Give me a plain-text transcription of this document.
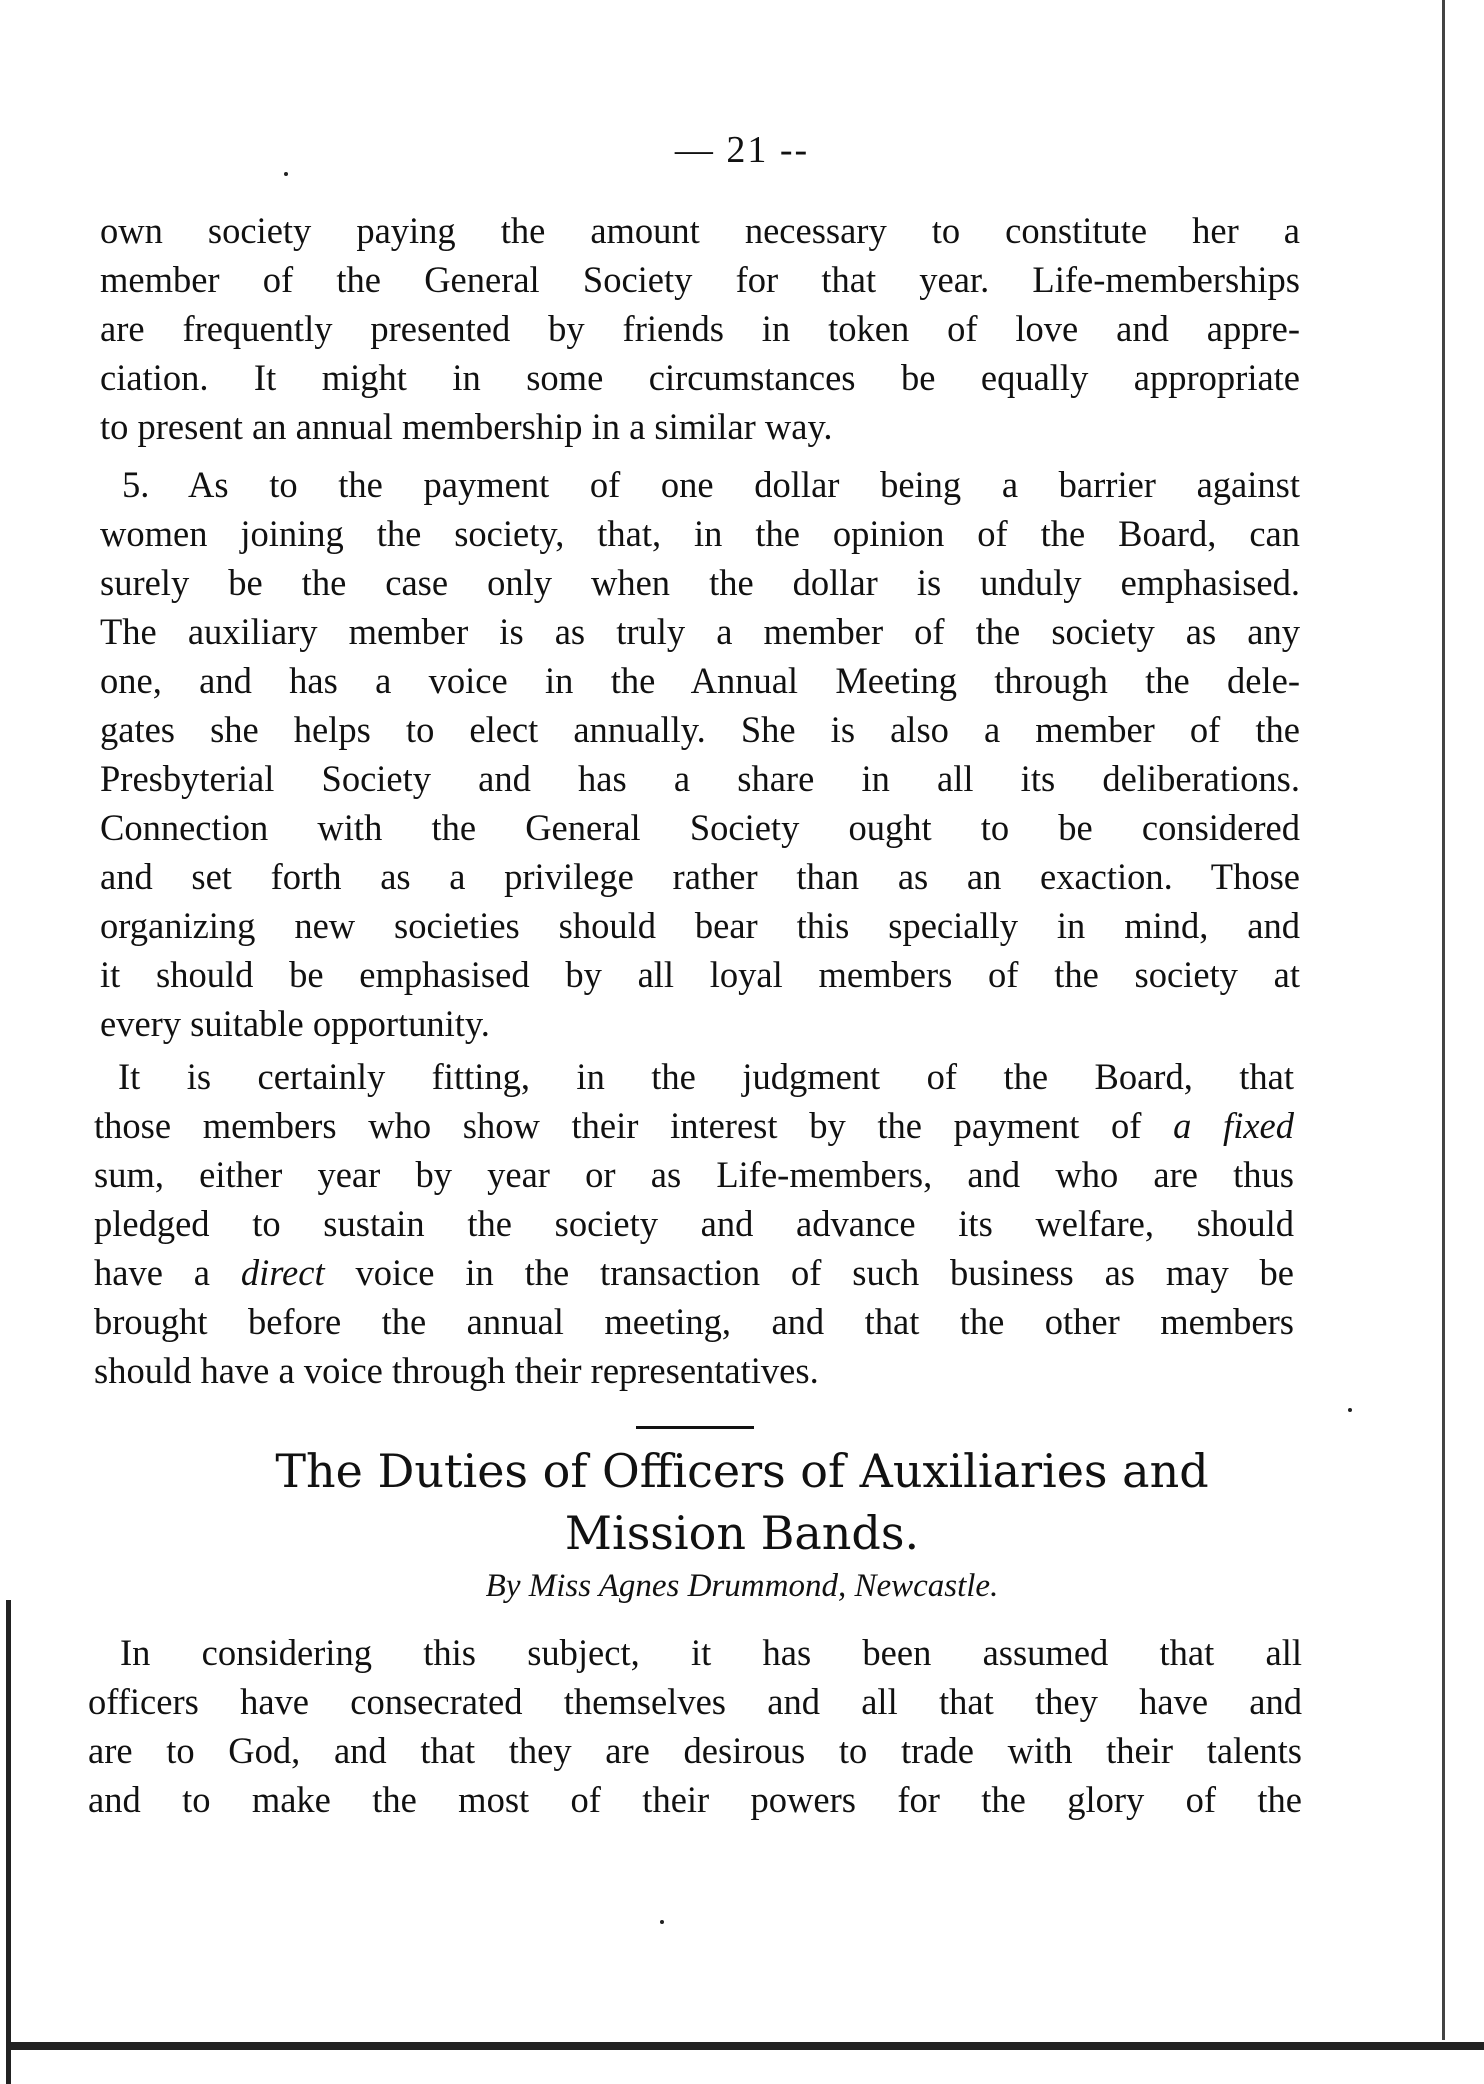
— 21 --
own society paying the amount necessary to constitute her a
member of the General Society for that year. Life-memberships
are frequently presented by friends in token of love and appre-
ciation. It might in some circumstances be equally appropriate
to present an annual membership in a similar way.
5. As to the payment of one dollar being a barrier against
women joining the society, that, in the opinion of the Board, can
surely be the case only when the dollar is unduly emphasised.
The auxiliary member is as truly a member of the society as any
one, and has a voice in the Annual Meeting through the dele-
gates she helps to elect annually. She is also a member of the
Presbyterial Society and has a share in all its deliberations.
Connection with the General Society ought to be considered
and set forth as a privilege rather than as an exaction. Those
organizing new societies should bear this specially in mind, and
it should be emphasised by all loyal members of the society at
every suitable opportunity.
It is certainly fitting, in the judgment of the Board, that
those members who show their interest by the payment of a fixed
sum, either year by year or as Life-members, and who are thus
pledged to sustain the society and advance its welfare, should
have a direct voice in the transaction of such business as may be
brought before the annual meeting, and that the other members
should have a voice through their representatives.
The Duties of Officers of Auxiliaries and
Mission Bands.
By Miss Agnes Drummond, Newcastle.
In considering this subject, it has been assumed that all
officers have consecrated themselves and all that they have and
are to God, and that they are desirous to trade with their talents
and to make the most of their powers for the glory of the
